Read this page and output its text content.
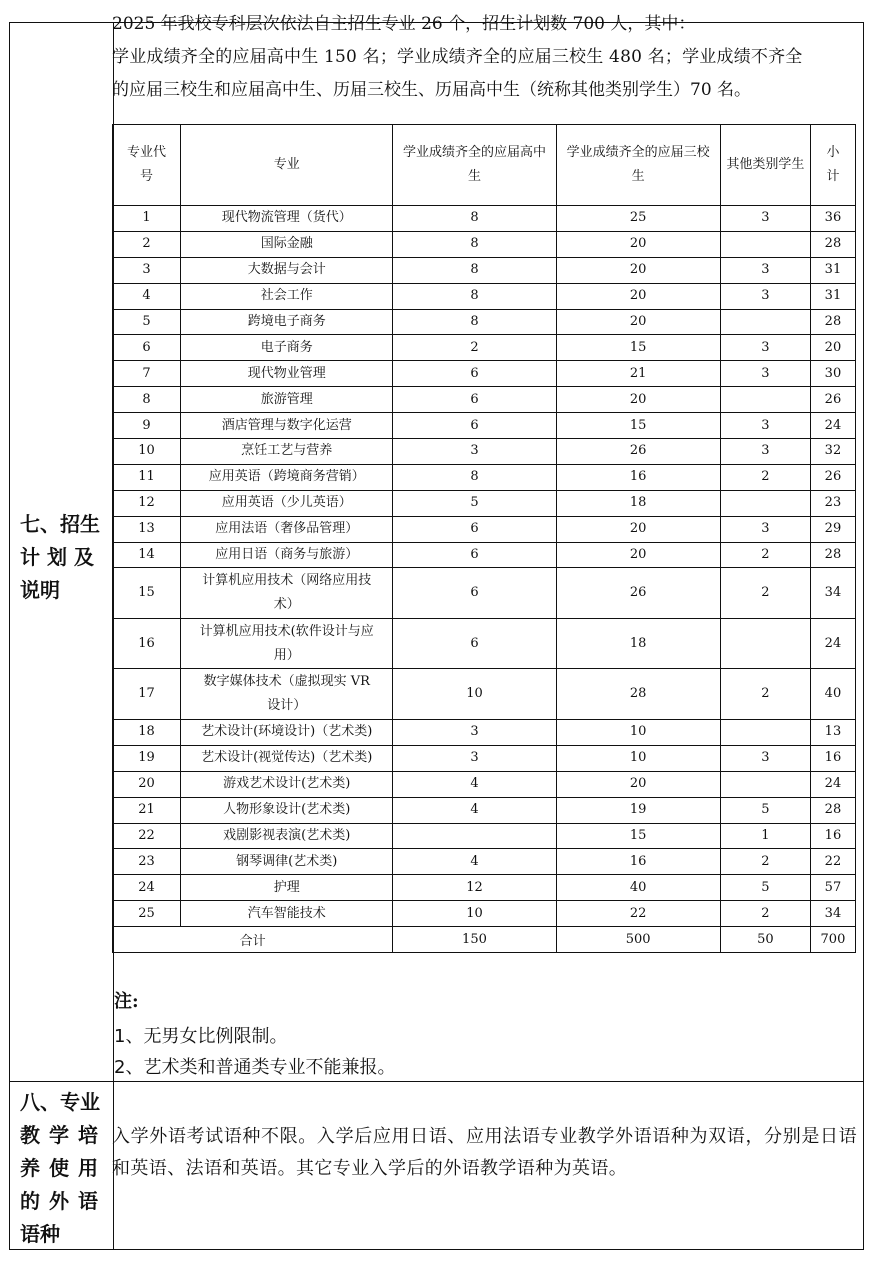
七、招生
计划及
说明
八、专业
教学培
养使用
的外语
语种
2025 年我校专科层次依法自主招生专业 26 个，招生计划数 700 人，其中：
学业成绩齐全的应届高中生 150 名；学业成绩齐全的应届三校生 480 名；学业成绩不齐全
的应届三校生和应届高中生、历届三校生、历届高中生（统称其他类别学生）70 名。
专业代号	专业	学业成绩齐全的应届高中生	学业成绩齐全的应届三校生	其他类别学生	小计
1	现代物流管理（货代）	8	25	3	36
2	国际金融	8	20		28
3	大数据与会计	8	20	3	31
4	社会工作	8	20	3	31
5	跨境电子商务	8	20		28
6	电子商务	2	15	3	20
7	现代物业管理	6	21	3	30
8	旅游管理	6	20		26
9	酒店管理与数字化运营	6	15	3	24
10	烹饪工艺与营养	3	26	3	32
11	应用英语（跨境商务营销）	8	16	2	26
12	应用英语（少儿英语）	5	18		23
13	应用法语（奢侈品管理）	6	20	3	29
14	应用日语（商务与旅游）	6	20	2	28
15	计算机应用技术（网络应用技术）	6	26	2	34
16	计算机应用技术(软件设计与应用）	6	18		24
17	数字媒体技术（虚拟现实 VR 设计）	10	28	2	40
18	艺术设计(环境设计)（艺术类)	3	10		13
19	艺术设计(视觉传达)（艺术类)	3	10	3	16
20	游戏艺术设计(艺术类)	4	20		24
21	人物形象设计(艺术类)	4	19	5	28
22	戏剧影视表演(艺术类)		15	1	16
23	钢琴调律(艺术类)	4	16	2	22
24	护理	12	40	5	57
25	汽车智能技术	10	22	2	34
合计		150	500	50	700
注:
1、无男女比例限制。
2、艺术类和普通类专业不能兼报。
入学外语考试语种不限。入学后应用日语、应用法语专业教学外语语种为双语，分别是日语和英语、法语和英语。其它专业入学后的外语教学语种为英语。
